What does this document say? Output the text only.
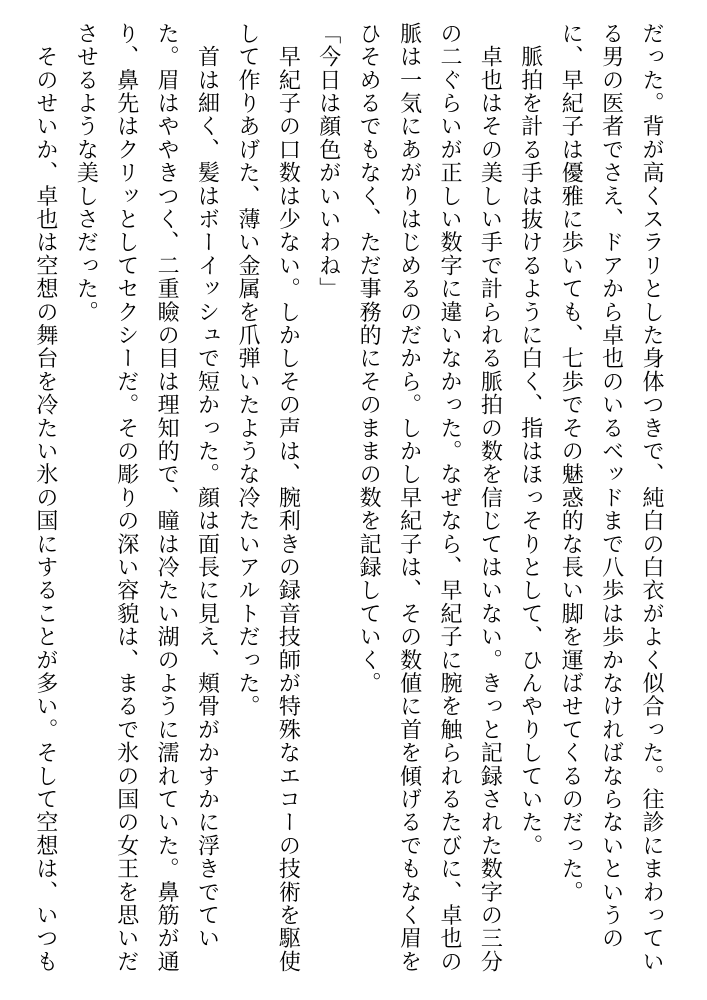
だった。背が高くスラリとした身体つきで、純白の白衣がよく似合った。往診にまわってい

る男の医者でさえ、ドアから卓也のいるベッドまで八歩は歩かなければならないというの

に、早紀子は優雅に歩いても、七歩でその魅惑的な長い脚を運ばせてくるのだった。

　脈拍を計る手は抜けるように白く、指はほっそりとして、ひんやりしていた。

　卓也はその美しい手で計られる脈拍の数を信じてはいない。きっと記録された数字の三分

の二ぐらいが正しい数字に違いなかった。なぜなら、早紀子に腕を触られるたびに、卓也の

脈は一気にあがりはじめるのだから。しかし早紀子は、その数値に首を傾げるでもなく眉を

ひそめるでもなく、ただ事務的にそのままの数を記録していく。

「今日は顔色がいいわね」

　早紀子の口数は少ない。しかしその声は、腕利きの録音技師が特殊なエコーの技術を駆使

して作りあげた、薄い金属を爪弾いたような冷たいアルトだった。

　首は細く、髪はボーイッシュで短かった。顔は面長に見え、頬骨がかすかに浮きでてい

た。眉はややきつく、二重瞼の目は理知的で、瞳は冷たい湖のように濡れていた。鼻筋が通

り、鼻先はクリッとしてセクシーだ。その彫りの深い容貌は、まるで氷の国の女王を思いだ

させるような美しさだった。

　そのせいか、卓也は空想の舞台を冷たい氷の国にすることが多い。そして空想は、いつも
